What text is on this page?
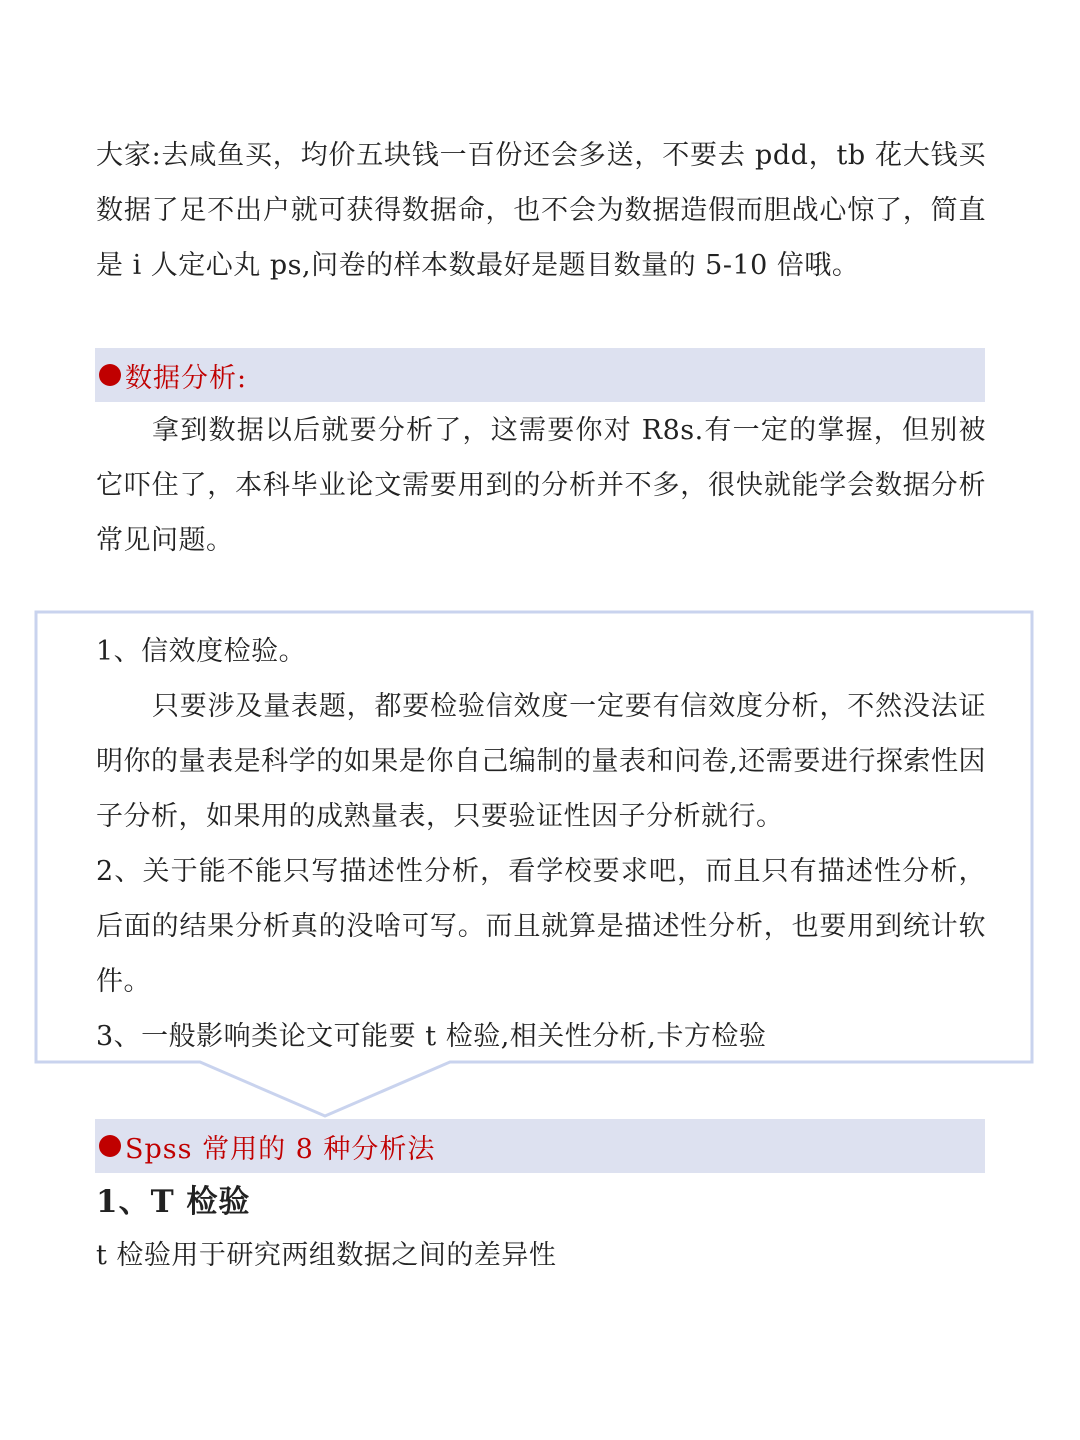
大家:去咸鱼买，均价五块钱一百份还会多送，不要去 pdd，tb 花大钱买数据了足不出户就可获得数据命，也不会为数据造假而胆战心惊了，简直是 i 人定心丸 ps,问卷的样本数最好是题目数量的 5-10 倍哦。

数据分析:

拿到数据以后就要分析了，这需要你对 R8s.有一定的掌握，但别被它吓住了，本科毕业论文需要用到的分析并不多，很快就能学会数据分析常见问题。

1、信效度检验。

只要涉及量表题，都要检验信效度一定要有信效度分析，不然没法证明你的量表是科学的如果是你自己编制的量表和问卷,还需要进行探索性因子分析，如果用的成熟量表，只要验证性因子分析就行。

2、关于能不能只写描述性分析，看学校要求吧，而且只有描述性分析，后面的结果分析真的没啥可写。而且就算是描述性分析，也要用到统计软件。

3、一般影响类论文可能要 t 检验,相关性分析,卡方检验

Spss 常用的 8 种分析法
1、T 检验

t 检验用于研究两组数据之间的差异性
